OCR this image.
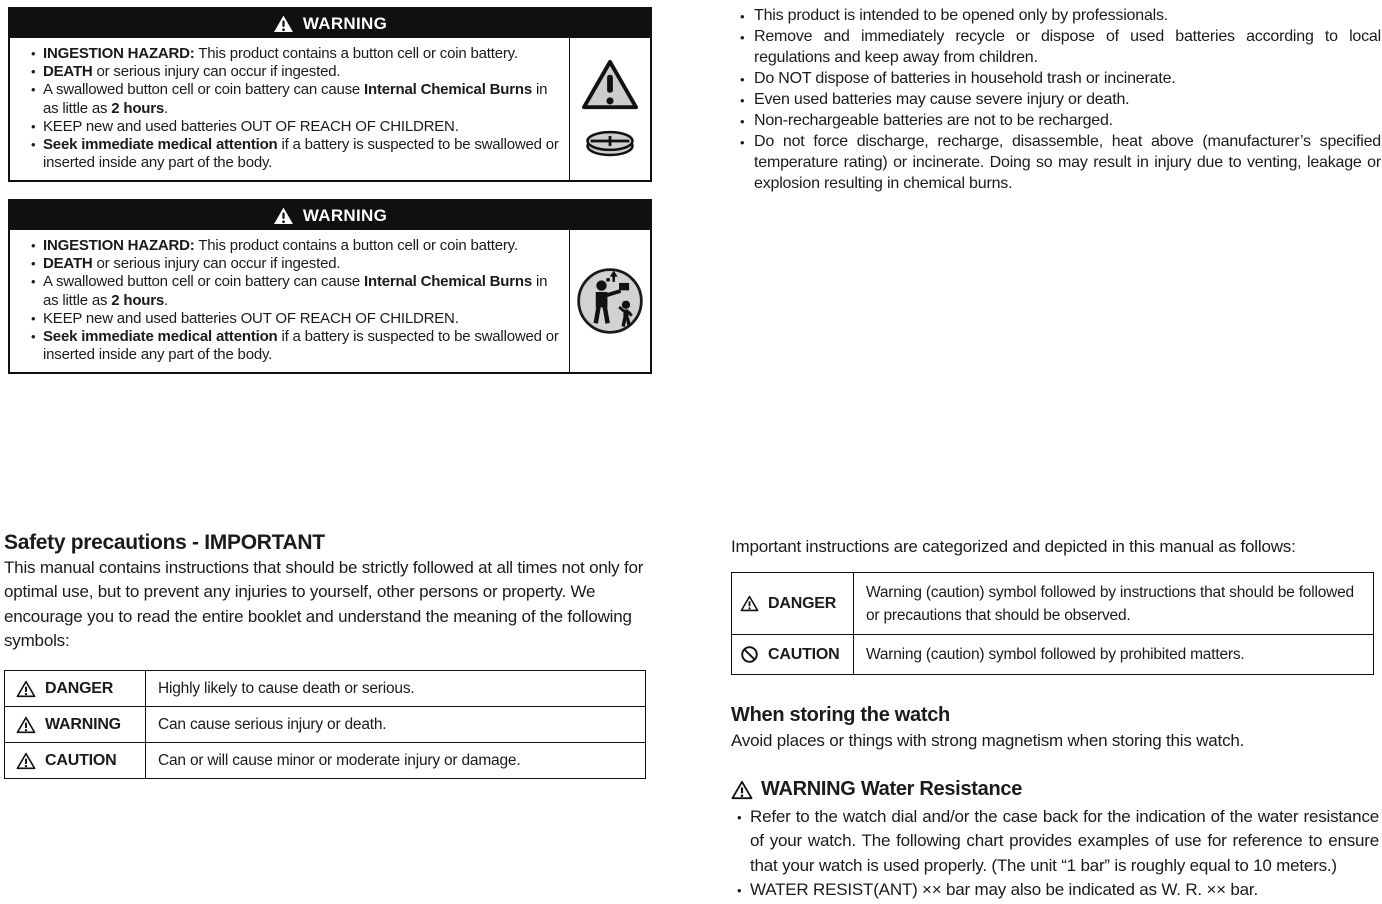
WARNING
• INGESTION HAZARD: This product contains a button cell or coin battery.
• DEATH or serious injury can occur if ingested.
• A swallowed button cell or coin battery can cause Internal Chemical Burns in as little as 2 hours.
• KEEP new and used batteries OUT OF REACH OF CHILDREN.
• Seek immediate medical attention if a battery is suspected to be swallowed or inserted inside any part of the body.
WARNING
• INGESTION HAZARD: This product contains a button cell or coin battery.
• DEATH or serious injury can occur if ingested.
• A swallowed button cell or coin battery can cause Internal Chemical Burns in as little as 2 hours.
• KEEP new and used batteries OUT OF REACH OF CHILDREN.
• Seek immediate medical attention if a battery is suspected to be swallowed or inserted inside any part of the body.
• This product is intended to be opened only by professionals.
• Remove and immediately recycle or dispose of used batteries according to local regulations and keep away from children.
• Do NOT dispose of batteries in household trash or incinerate.
• Even used batteries may cause severe injury or death.
• Non-rechargeable batteries are not to be recharged.
• Do not force discharge, recharge, disassemble, heat above (manufacturer’s specified temperature rating) or incinerate. Doing so may result in injury due to venting, leakage or explosion resulting in chemical burns.
Safety precautions - IMPORTANT

This manual contains instructions that should be strictly followed at all times not only for optimal use, but to prevent any injuries to yourself, other persons or property. We encourage you to read the entire booklet and understand the meaning of the following symbols:

DANGER	Highly likely to cause death or serious.

WARNING	Can cause serious injury or death.

CAUTION	Can or will cause minor or moderate injury or damage.

Important instructions are categorized and depicted in this manual as follows:

DANGER	Warning (caution) symbol followed by instructions that should be followed or precautions that should be observed.

CAUTION	Warning (caution) symbol followed by prohibited matters.
When storing the watch

Avoid places or things with strong magnetism when storing this watch.

WARNING Water Resistance
• Refer to the watch dial and/or the case back for the indication of the water resistance of your watch. The following chart provides examples of use for reference to ensure that your watch is used properly. (The unit “1 bar” is roughly equal to 10 meters.)
• WATER RESIST(ANT) ×× bar may also be indicated as W. R. ×× bar.
